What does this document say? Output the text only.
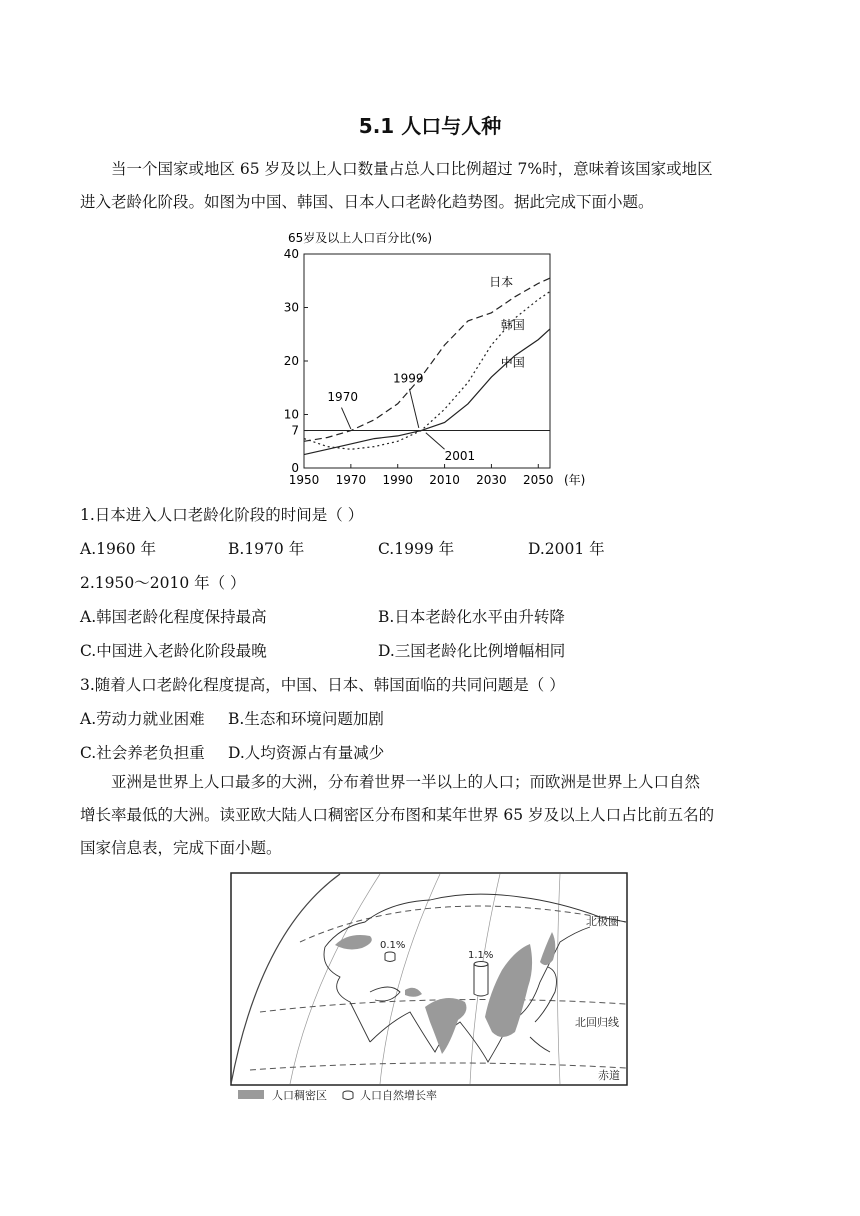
5.1 人口与人种
当一个国家或地区 65 岁及以上人口数量占总人口比例超过 7%时，意味着该国家或地区
进入老龄化阶段。如图为中国、韩国、日本人口老龄化趋势图。据此完成下面小题。
65岁及以上人口百分比(%)
1950 1970 1990 2010 2030 2050 (年)
0
7
10
20
30
40
日本
韩国
中国
1970
1999
2001
1.日本进入人口老龄化阶段的时间是（ ）
A.1960 年	B.1970 年	C.1999 年	D.2001 年
2.1950～2010 年（ ）
A.韩国老龄化程度保持最高	B.日本老龄化水平由升转降
C.中国进入老龄化阶段最晚	D.三国老龄化比例增幅相同
3.随着人口老龄化程度提高，中国、日本、韩国面临的共同问题是（ ）
A.劳动力就业困难 B.生态和环境问题加剧
C.社会养老负担重 D.人均资源占有量减少
亚洲是世界上人口最多的大洲，分布着世界一半以上的人口；而欧洲是世界上人口自然
增长率最低的大洲。读亚欧大陆人口稠密区分布图和某年世界 65 岁及以上人口占比前五名的
国家信息表，完成下面小题。
0.1%
1.1%
北极圈
北回归线
赤道
人口稠密区	人口自然增长率
